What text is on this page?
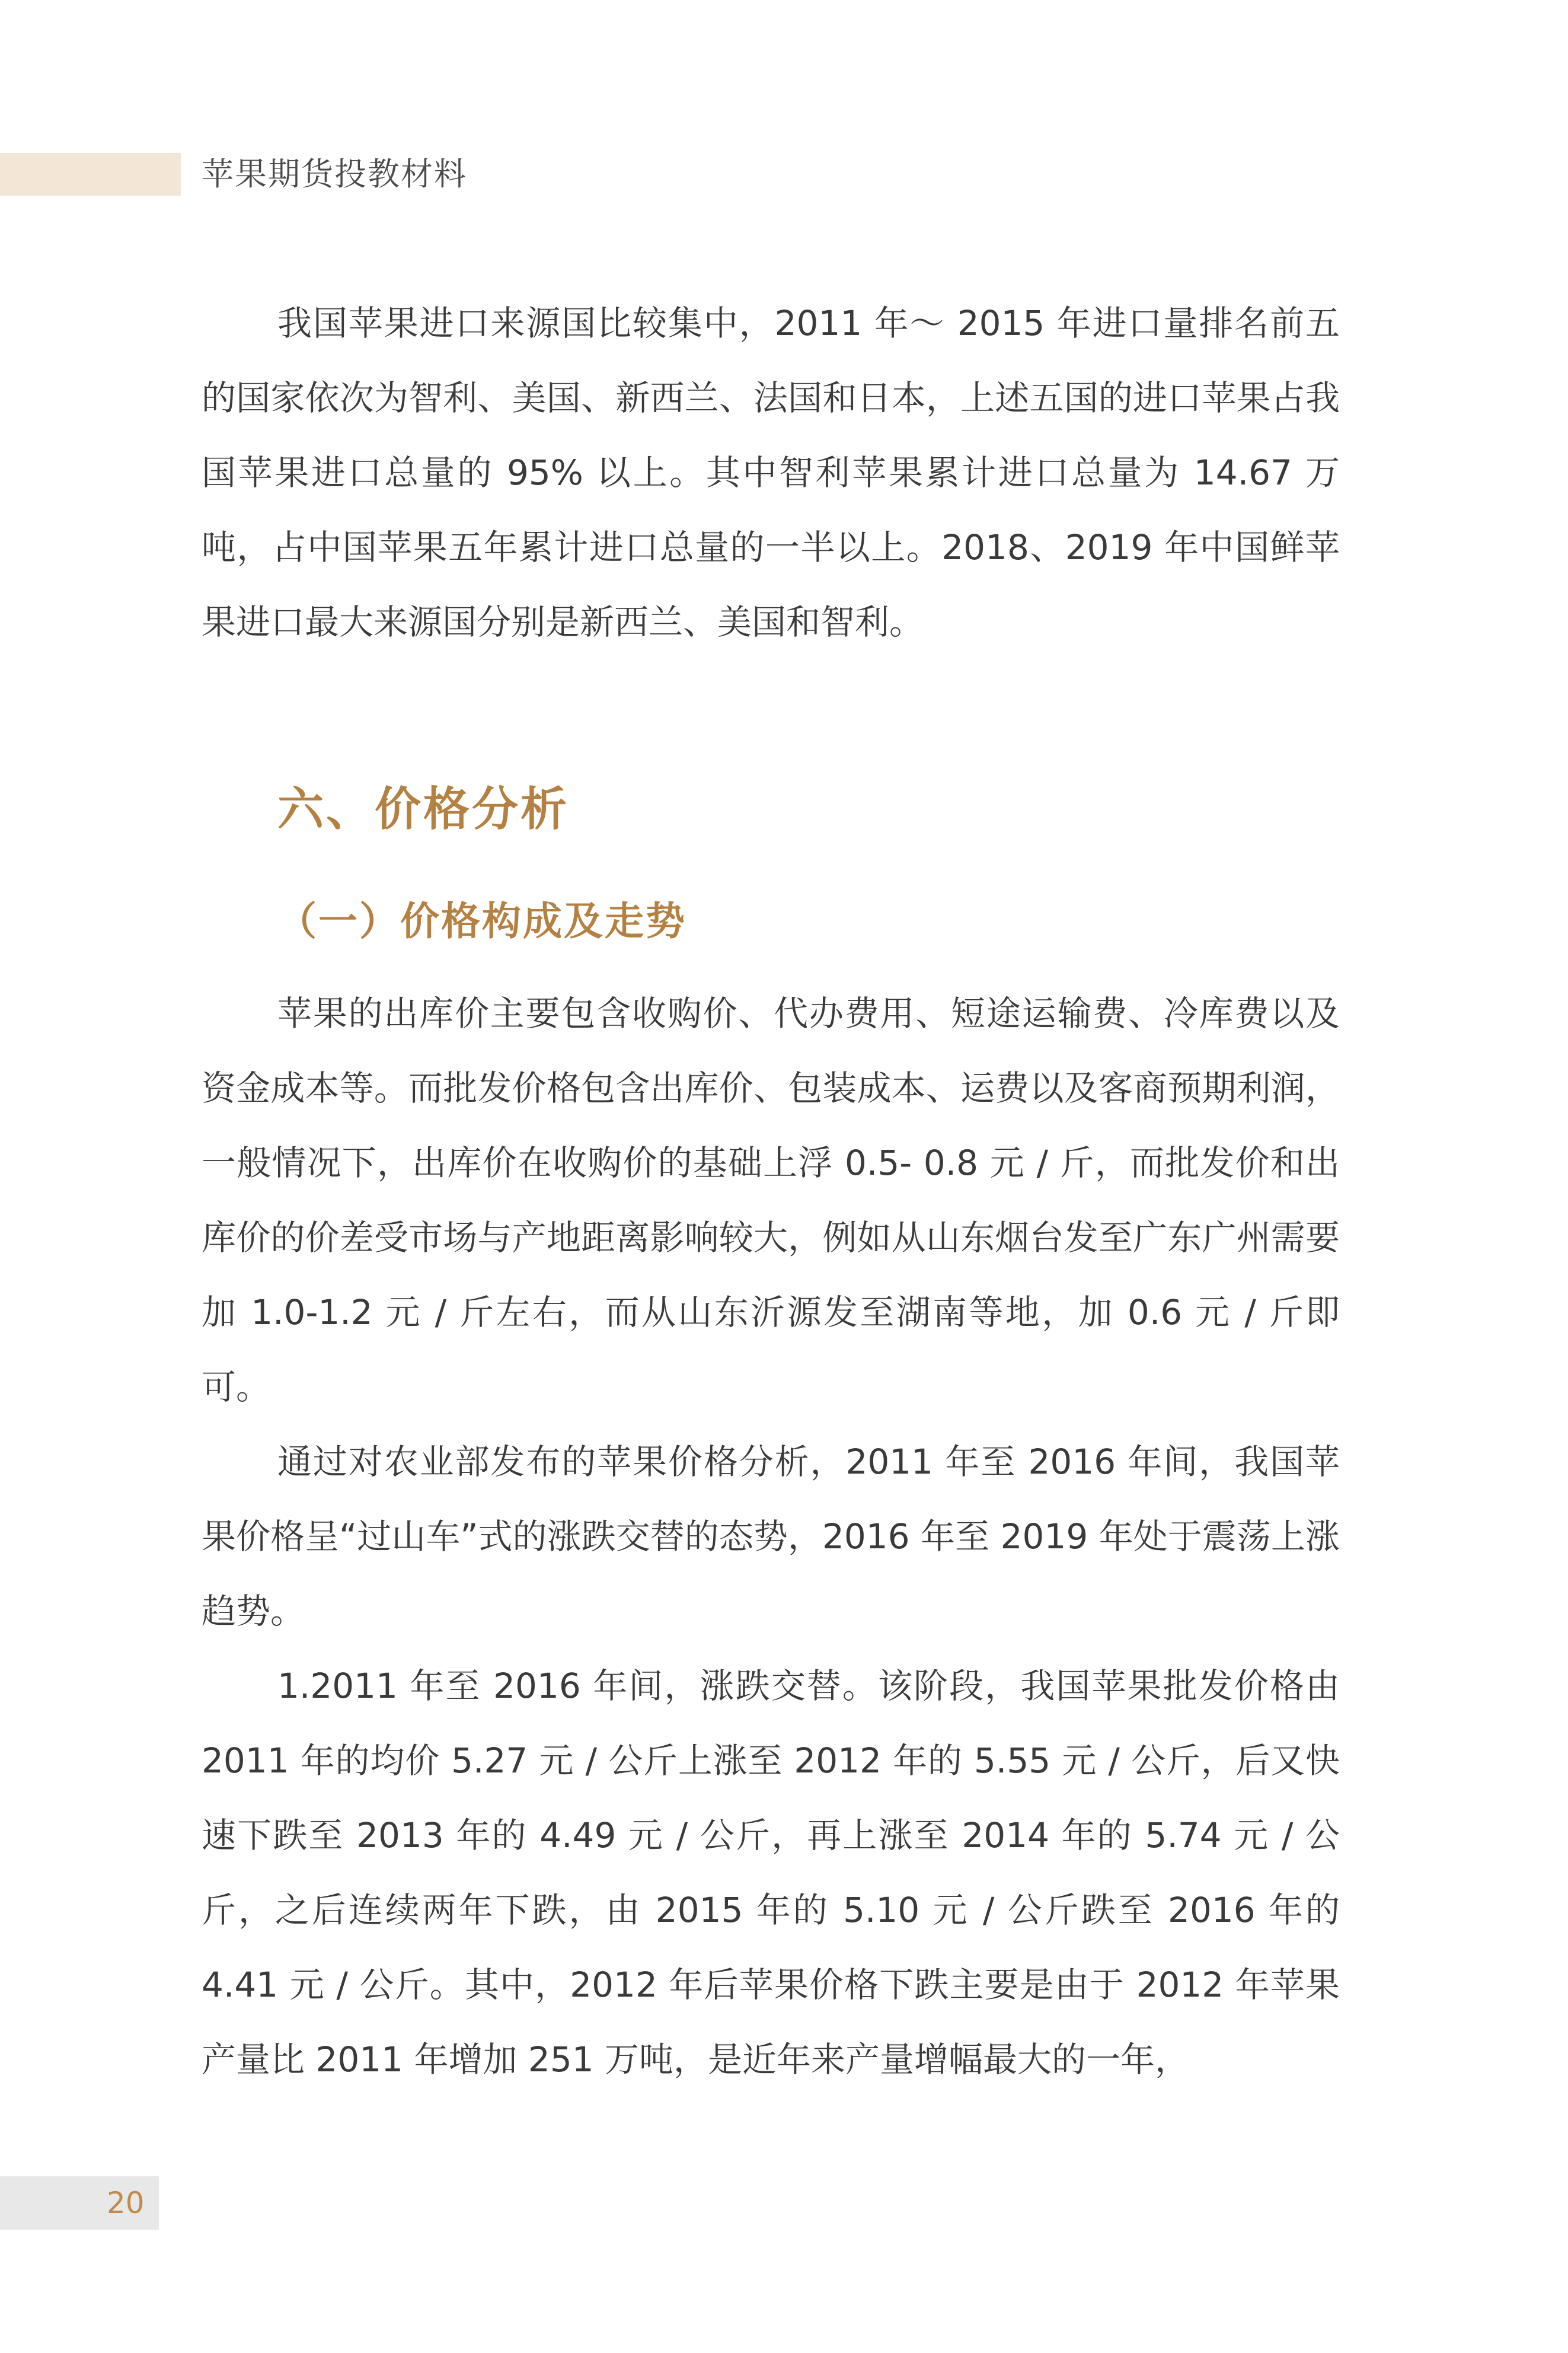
苹果期货投教材料

我国苹果进口来源国比较集中，2011 年～ 2015 年进口量排名前五的国家依次为智利、美国、新西兰、法国和日本，上述五国的进口苹果占我国苹果进口总量的 95% 以上。其中智利苹果累计进口总量为 14.67 万吨，占中国苹果五年累计进口总量的一半以上。2018、2019 年中国鲜苹果进口最大来源国分别是新西兰、美国和智利。

六、价格分析
（一）价格构成及走势

苹果的出库价主要包含收购价、代办费用、短途运输费、冷库费以及资金成本等。而批发价格包含出库价、包装成本、运费以及客商预期利润，一般情况下，出库价在收购价的基础上浮 0.5- 0.8 元 / 斤，而批发价和出库价的价差受市场与产地距离影响较大，例如从山东烟台发至广东广州需要加 1.0-1.2 元 / 斤左右，而从山东沂源发至湖南等地，加 0.6 元 / 斤即可。

通过对农业部发布的苹果价格分析，2011 年至 2016 年间，我国苹果价格呈“过山车”式的涨跌交替的态势，2016 年至 2019 年处于震荡上涨趋势。

1.2011 年至 2016 年间，涨跌交替。该阶段，我国苹果批发价格由 2011 年的均价 5.27 元 / 公斤上涨至 2012 年的 5.55 元 / 公斤，后又快速下跌至 2013 年的 4.49 元 / 公斤，再上涨至 2014 年的 5.74 元 / 公斤，之后连续两年下跌，由 2015 年的 5.10 元 / 公斤跌至 2016 年的 4.41 元 / 公斤。其中，2012 年后苹果价格下跌主要是由于 2012 年苹果产量比 2011 年增加 251 万吨，是近年来产量增幅最大的一年，

20
